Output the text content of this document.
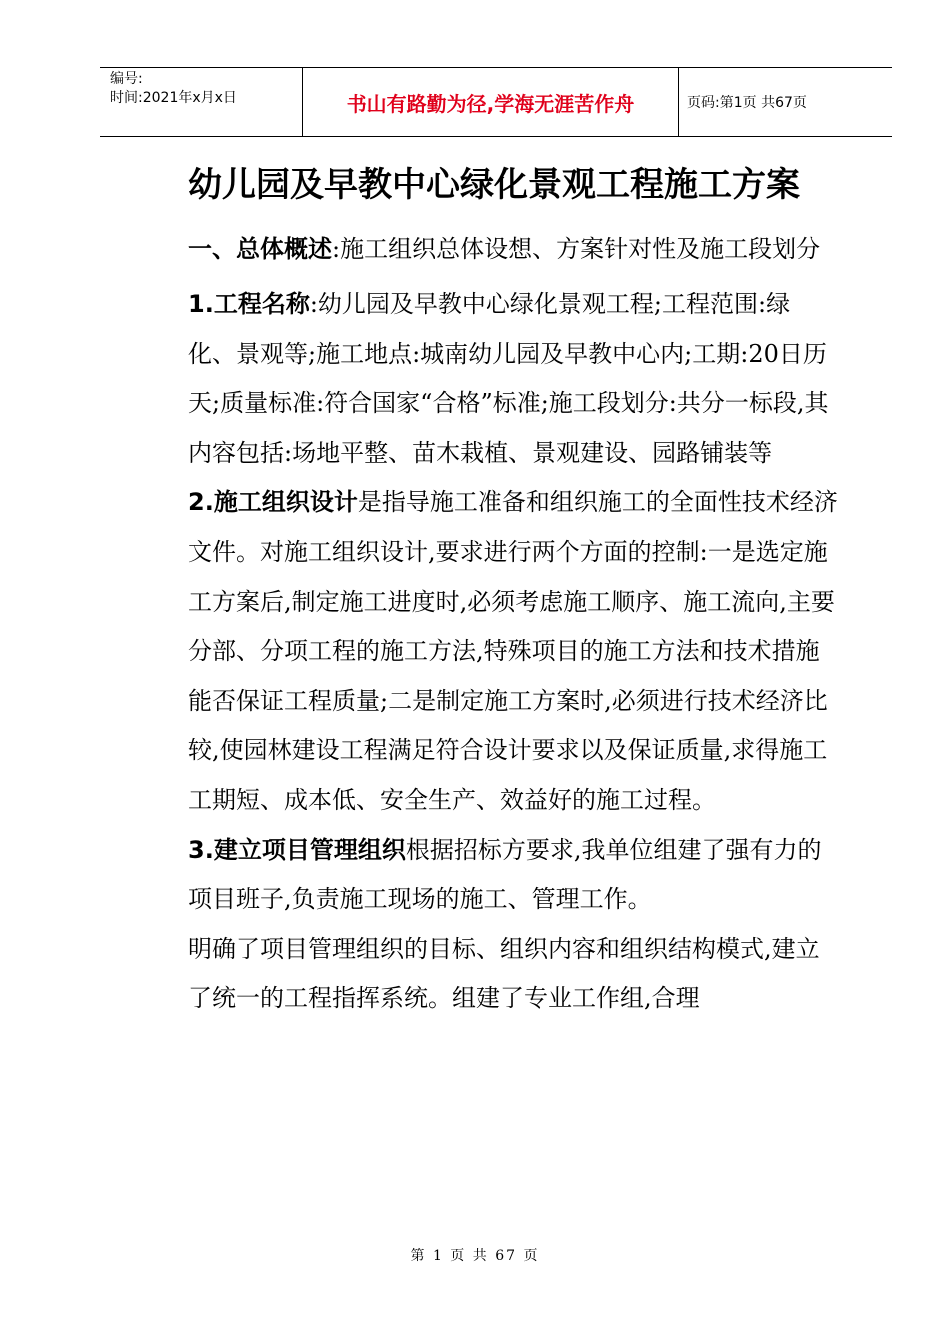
编号:
时间:2021年x月x日	书山有路勤为径,学海无涯苦作舟	页码:第1页 共67页
幼儿园及早教中心绿化景观工程施工方案

一、总体概述:施工组织总体设想、方案针对性及施工段划分

1.工程名称:幼儿园及早教中心绿化景观工程;工程范围:绿化、景观等;施工地点:城南幼儿园及早教中心内;工期:20日历天;质量标准:符合国家“合格”标准;施工段划分:共分一标段,其内容包括:场地平整、苗木栽植、景观建设、园路铺装等

2.施工组织设计是指导施工准备和组织施工的全面性技术经济文件。对施工组织设计,要求进行两个方面的控制:一是选定施工方案后,制定施工进度时,必须考虑施工顺序、施工流向,主要分部、分项工程的施工方法,特殊项目的施工方法和技术措施能否保证工程质量;二是制定施工方案时,必须进行技术经济比较,使园林建设工程满足符合设计要求以及保证质量,求得施工工期短、成本低、安全生产、效益好的施工过程。

3.建立项目管理组织根据招标方要求,我单位组建了强有力的项目班子,负责施工现场的施工、管理工作。

明确了项目管理组织的目标、组织内容和组织结构模式,建立了统一的工程指挥系统。组建了专业工作组,合理

第 1 页 共 67 页
